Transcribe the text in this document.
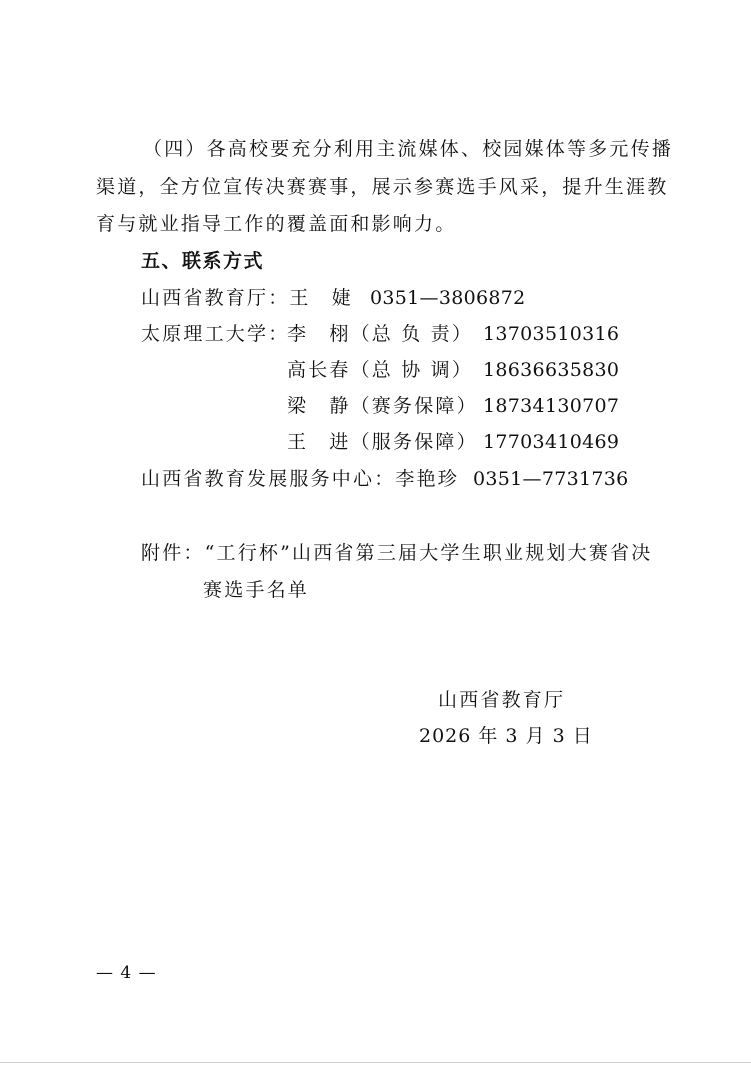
（四）各高校要充分利用主流媒体、校园媒体等多元传播
渠道，全方位宣传决赛赛事，展示参赛选手风采，提升生涯教
育与就业指导工作的覆盖面和影响力。
五、联系方式
山西省教育厅：王　婕 0351—3806872
太原理工大学：
李　栩（总 负 责） 13703510316
高长春（总 协 调） 18636635830
梁　静（赛务保障） 18734130707
王　进（服务保障） 17703410469
山西省教育发展服务中心：李艳珍 0351—7731736
附件：“工行杯”山西省第三届大学生职业规划大赛省决
赛选手名单
山西省教育厅
2026 年 3 月 3 日
— 4 —
